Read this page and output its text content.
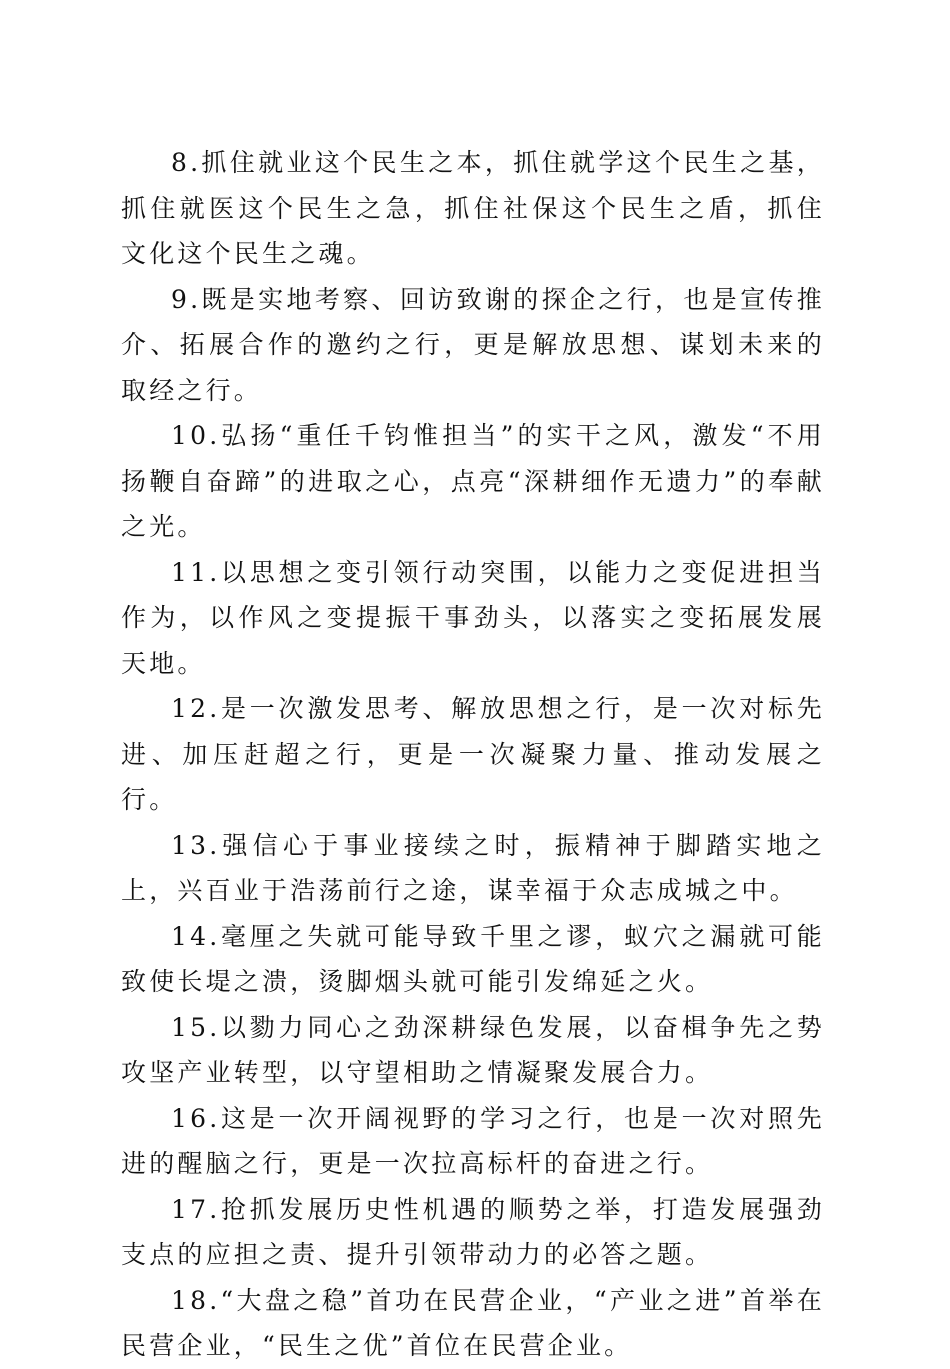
8.抓住就业这个民生之本，抓住就学这个民生之基，抓住就医这个民生之急，抓住社保这个民生之盾，抓住文化这个民生之魂。

9.既是实地考察、回访致谢的探企之行，也是宣传推介、拓展合作的邀约之行，更是解放思想、谋划未来的取经之行。

10.弘扬“重任千钧惟担当”的实干之风，激发“不用扬鞭自奋蹄”的进取之心，点亮“深耕细作无遗力”的奉献之光。

11.以思想之变引领行动突围，以能力之变促进担当作为，以作风之变提振干事劲头，以落实之变拓展发展天地。

12.是一次激发思考、解放思想之行，是一次对标先进、加压赶超之行，更是一次凝聚力量、推动发展之行。

13.强信心于事业接续之时，振精神于脚踏实地之上，兴百业于浩荡前行之途，谋幸福于众志成城之中。

14.毫厘之失就可能导致千里之谬，蚁穴之漏就可能致使长堤之溃，烫脚烟头就可能引发绵延之火。

15.以勠力同心之劲深耕绿色发展，以奋楫争先之势攻坚产业转型，以守望相助之情凝聚发展合力。

16.这是一次开阔视野的学习之行，也是一次对照先进的醒脑之行，更是一次拉高标杆的奋进之行。

17.抢抓发展历史性机遇的顺势之举，打造发展强劲支点的应担之责、提升引领带动力的必答之题。

18.“大盘之稳”首功在民营企业，“产业之进”首举在民营企业，“民生之优”首位在民营企业。
